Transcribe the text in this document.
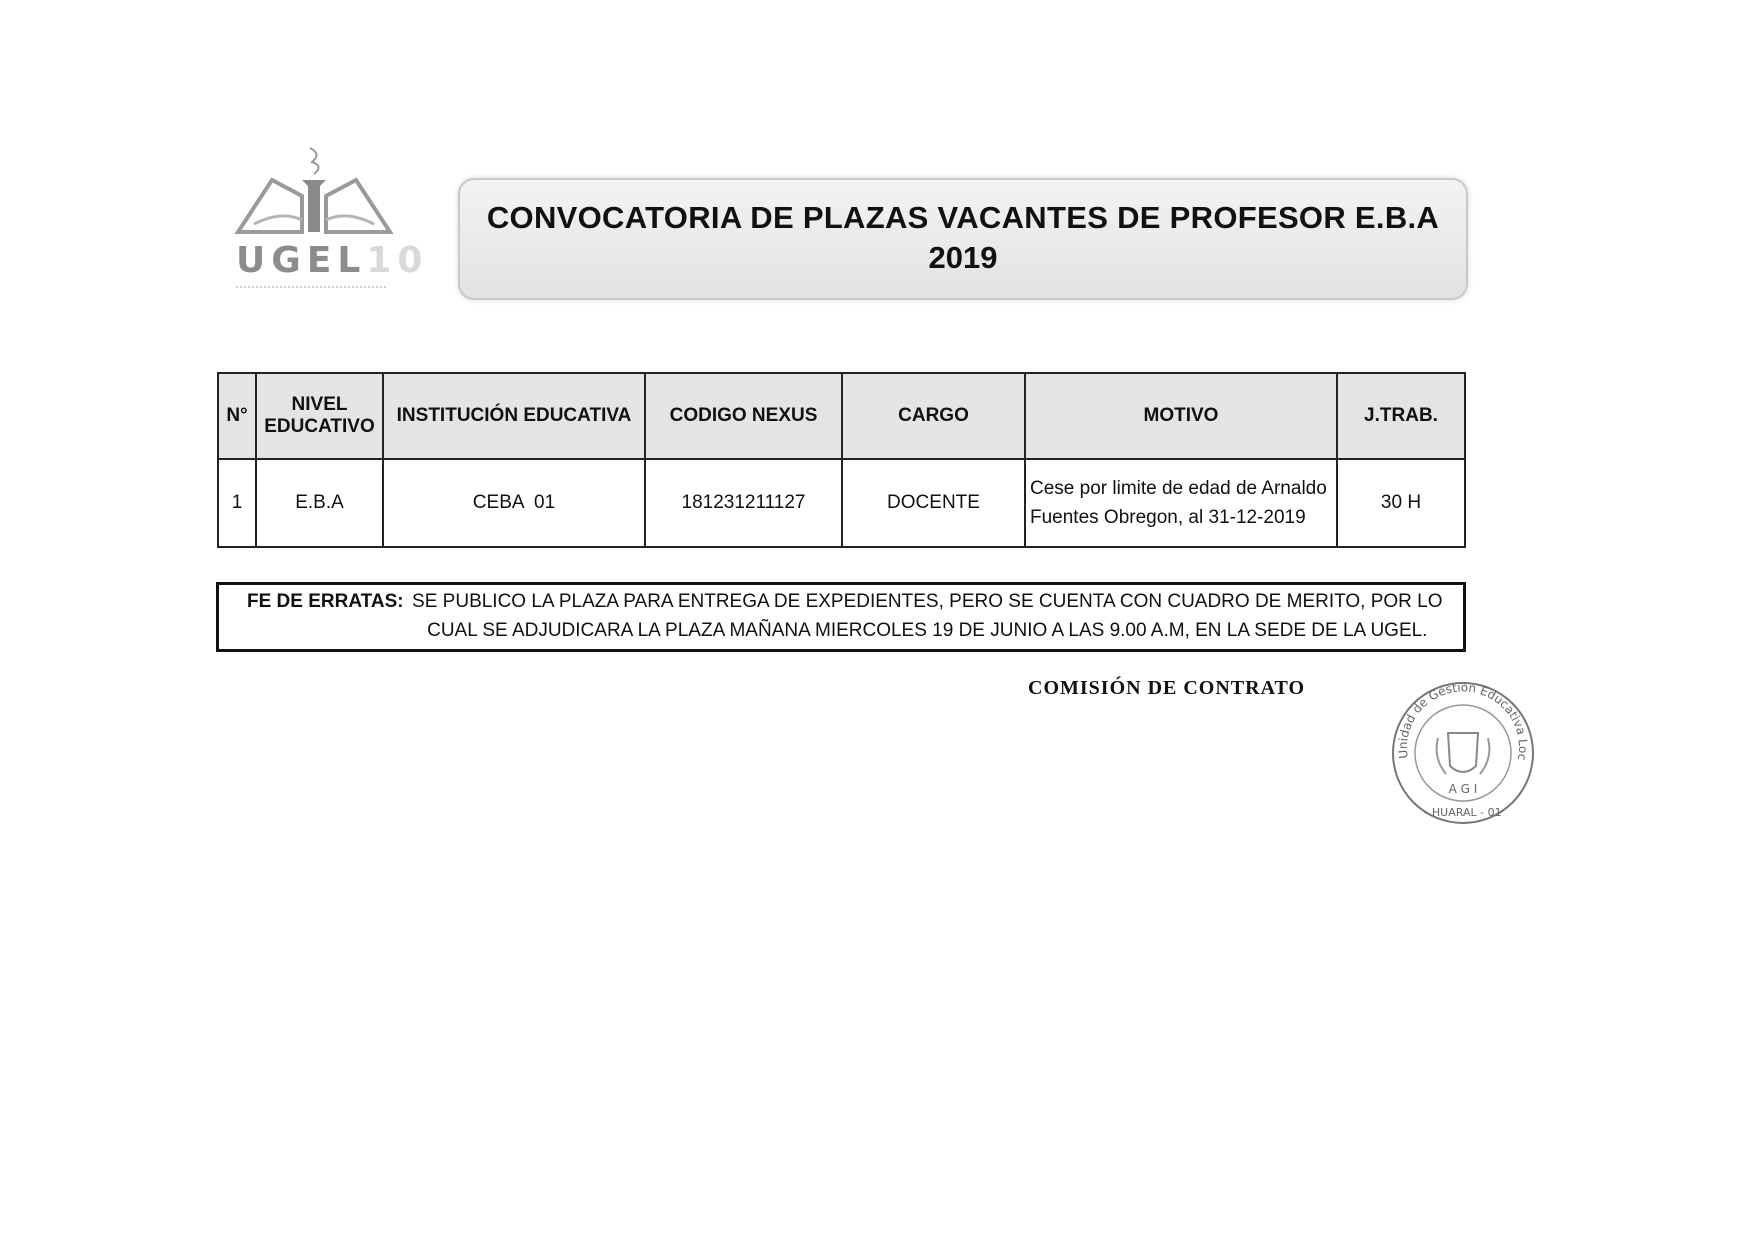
UGEL10
CONVOCATORIA DE PLAZAS VACANTES DE PROFESOR E.B.A
2019
N°	NIVEL EDUCATIVO	INSTITUCIÓN EDUCATIVA	CODIGO NEXUS	CARGO	MOTIVO	J.TRAB.
1	E.B.A	CEBA  01	181231211127	DOCENTE	Cese por limite de edad de Arnaldo Fuentes Obregon, al 31-12-2019	30 H
FE DE ERRATAS: SE PUBLICO LA PLAZA PARA ENTREGA DE EXPEDIENTES, PERO SE CUENTA CON CUADRO DE MERITO, POR LO CUAL SE ADJUDICARA LA PLAZA MAÑANA MIERCOLES 19 DE JUNIO A LAS 9.00 A.M, EN LA SEDE DE LA UGEL.
COMISIÓN DE CONTRATO
Unidad de Gestión Educativa Loc
A G I
- HUARAL - 01
